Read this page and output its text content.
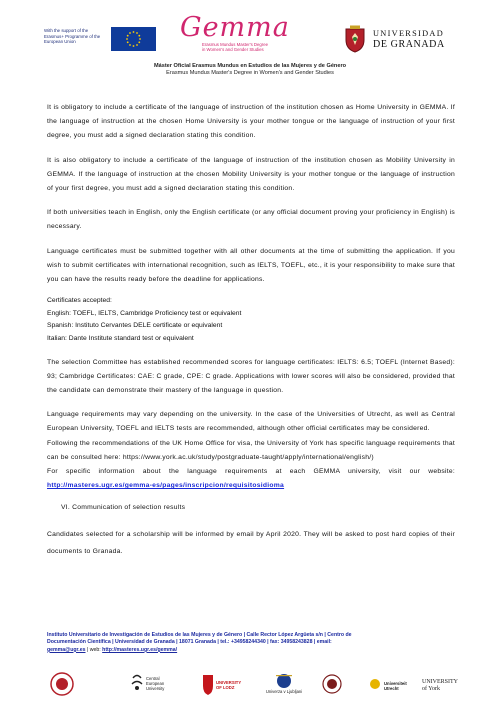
With the support of the Erasmus+ Programme of the European Union	Gemma
Erasmus Mundus Master's Degree
in Women's and Gender Studies
UNIVERSIDAD
DE GRANADA
Máster Oficial Erasmus Mundus en Estudios de las Mujeres y de Género
Erasmus Mundus Master's Degree in Women's and Gender Studies

It is obligatory to include a certificate of the language of instruction of the institution chosen as Home University in GEMMA. If the language of instruction at the chosen Home University is your mother tongue or the language of instruction of your first degree, you must add a signed declaration stating this condition.

It is also obligatory to include a certificate of the language of instruction of the institution chosen as Mobility University in GEMMA. If the language of instruction at the chosen Mobility University is your mother tongue or the language of instruction of your first degree, you must add a signed declaration stating this condition.

If both universities teach in English, only the English certificate (or any official document proving your proficiency in English) is necessary.

Language certificates must be submitted together with all other documents at the time of submitting the application. If you wish to submit certificates with international recognition, such as IELTS, TOEFL, etc., it is your responsibility to make sure that you can have the results ready before the deadline for applications.

Certificates accepted:
English: TOEFL, IELTS, Cambridge Proficiency test or equivalent
Spanish: Instituto Cervantes DELE certificate or equivalent
Italian: Dante Institute standard test or equivalent

The selection Committee has established recommended scores for language certificates: IELTS: 6.5; TOEFL (Internet Based): 93; Cambridge Certificates: CAE: C grade, CPE: C grade. Applications with lower scores will also be considered, provided that the candidate can demonstrate their mastery of the language in question.

Language requirements may vary depending on the university. In the case of the Universities of Utrecht, as well as Central European University, TOEFL and IELTS tests are recommended, although other official certificates may be considered.

Following the recommendations of the UK Home Office for visa, the University of York has specific language requirements that can be consulted here: https://www.york.ac.uk/study/postgraduate-taught/apply/international/english/)

For specific information about the language requirements at each GEMMA university, visit our website: http://masteres.ugr.es/gemma-es/pages/inscripcion/requisitosidioma

VI. Communication of selection results

Candidates selected for a scholarship will be informed by email by April 2020. They will be asked to post hard copies of their documents to Granada.

Instituto Universitario de Investigación de Estudios de las Mujeres y de Género | Calle Rector López Argüeta s/n | Centro de
Documentación Científica | Universidad de Granada | 18071 Granada | tel.: +34958244340 | fax: 34958243828 | email:
gemma@ugr.es | web: http://masteres.ugr.es/gemma/
Central European University
UNIVERSITY OF LODZ
Univerza v Ljubljani
Universiteit Utrecht
UNIVERSITY of York
